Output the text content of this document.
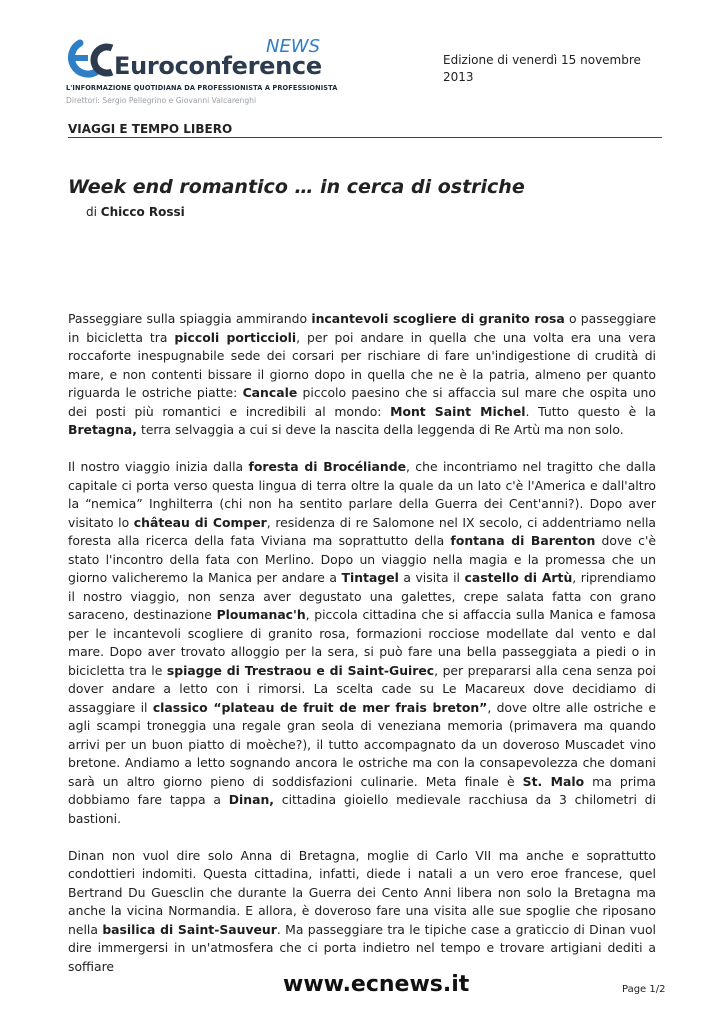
NEWS
Euroconference
L'INFORMAZIONE QUOTIDIANA DA PROFESSIONISTA A PROFESSIONISTA
Direttori: Sergio Pellegrino e Giovanni Valcarenghi
Edizione di venerdì 15 novembre 2013
VIAGGI E TEMPO LIBERO
Week end romantico … in cerca di ostriche
di Chicco Rossi

Passeggiare sulla spiaggia ammirando incantevoli scogliere di granito rosa o passeggiare in bicicletta tra piccoli porticcioli, per poi andare in quella che una volta era una vera roccaforte inespugnabile sede dei corsari per rischiare di fare un'indigestione di crudità di mare, e non contenti bissare il giorno dopo in quella che ne è la patria, almeno per quanto riguarda le ostriche piatte: Cancale piccolo paesino che si affaccia sul mare che ospita uno dei posti più romantici e incredibili al mondo: Mont Saint Michel. Tutto questo è la Bretagna, terra selvaggia a cui si deve la nascita della leggenda di Re Artù ma non solo.

Il nostro viaggio inizia dalla foresta di Brocéliande, che incontriamo nel tragitto che dalla capitale ci porta verso questa lingua di terra oltre la quale da un lato c'è l'America e dall'altro la “nemica” Inghilterra (chi non ha sentito parlare della Guerra dei Cent'anni?). Dopo aver visitato lo château di Comper, residenza di re Salomone nel IX secolo, ci addentriamo nella foresta alla ricerca della fata Viviana ma soprattutto della fontana di Barenton dove c'è stato l'incontro della fata con Merlino. Dopo un viaggio nella magia e la promessa che un giorno valicheremo la Manica per andare a Tintagel a visita il castello di Artù, riprendiamo il nostro viaggio, non senza aver degustato una galettes, crepe salata fatta con grano saraceno, destinazione Ploumanac'h, piccola cittadina che si affaccia sulla Manica e famosa per le incantevoli scogliere di granito rosa, formazioni rocciose modellate dal vento e dal mare. Dopo aver trovato alloggio per la sera, si può fare una bella passeggiata a piedi o in bicicletta tra le spiagge di Trestraou e di Saint-Guirec, per prepararsi alla cena senza poi dover andare a letto con i rimorsi. La scelta cade su Le Macareux dove decidiamo di assaggiare il classico “plateau de fruit de mer frais breton”, dove oltre alle ostriche e agli scampi troneggia una regale gran seola di veneziana memoria (primavera ma quando arrivi per un buon piatto di moèche?), il tutto accompagnato da un doveroso Muscadet vino bretone. Andiamo a letto sognando ancora le ostriche ma con la consapevolezza che domani sarà un altro giorno pieno di soddisfazioni culinarie. Meta finale è St. Malo ma prima dobbiamo fare tappa a Dinan, cittadina gioiello medievale racchiusa da 3 chilometri di bastioni.

Dinan non vuol dire solo Anna di Bretagna, moglie di Carlo VII ma anche e soprattutto condottieri indomiti. Questa cittadina, infatti, diede i natali a un vero eroe francese, quel Bertrand Du Guesclin che durante la Guerra dei Cento Anni libera non solo la Bretagna ma anche la vicina Normandia. E allora, è doveroso fare una visita alle sue spoglie che riposano nella basilica di Saint-Sauveur. Ma passeggiare tra le tipiche case a graticcio di Dinan vuol dire immergersi in un'atmosfera che ci porta indietro nel tempo e trovare artigiani dediti a soffiare

www.ecnews.it	Page 1/2
